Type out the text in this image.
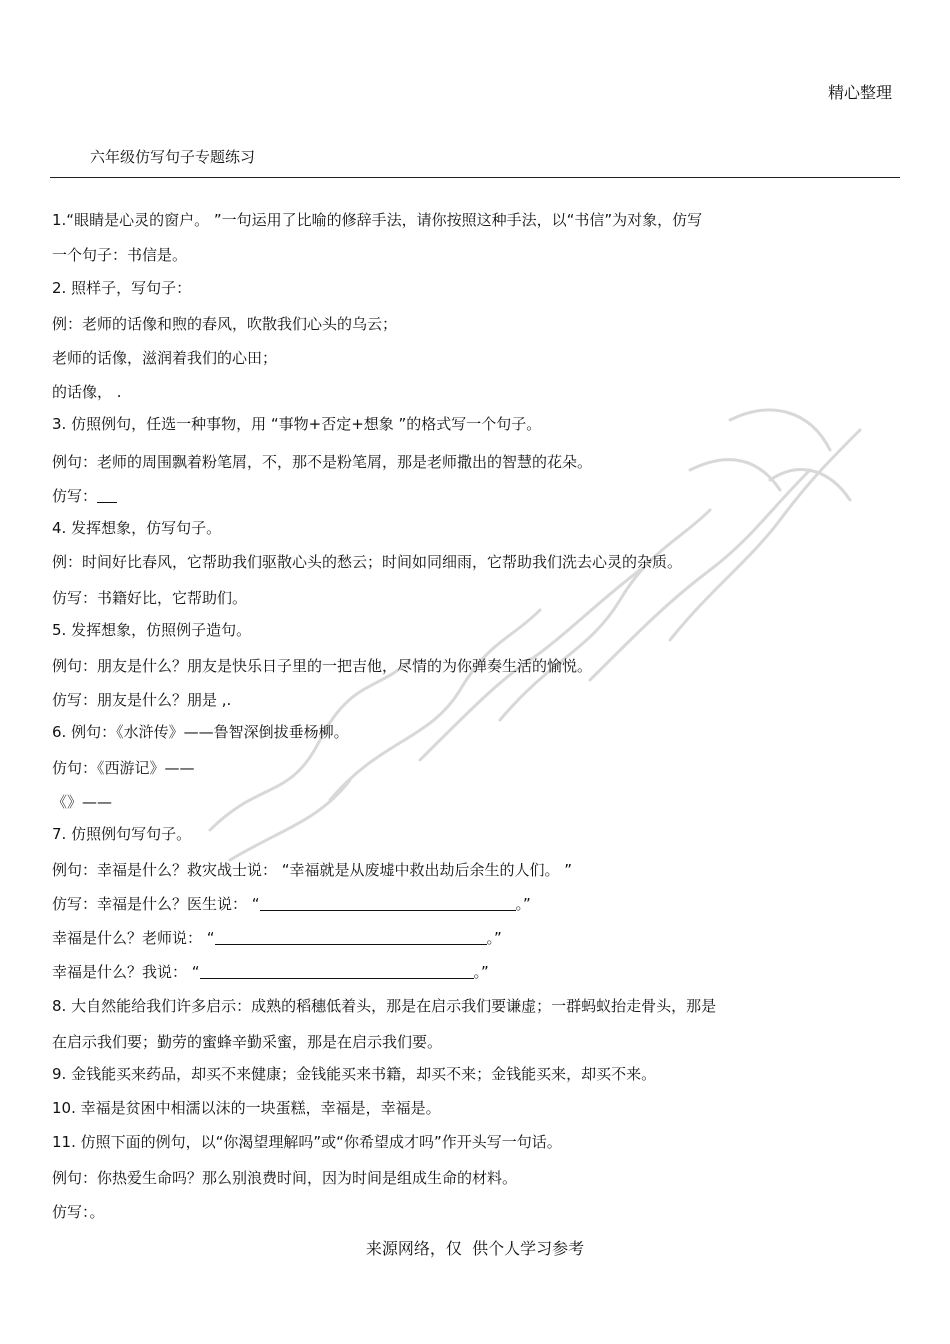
精心整理
六年级仿写句子专题练习
1.“眼睛是心灵的窗户。 ”一句运用了比喻的修辞手法，请你按照这种手法，以“书信”为对象，仿写
一个句子：书信是。
2. 照样子，写句子：
例：老师的话像和煦的春风，吹散我们心头的乌云；
老师的话像，滋润着我们的心田；
的话像， .
3. 仿照例句，任选一种事物，用 “事物+否定+想象 ”的格式写一个句子。
例句：老师的周围飘着粉笔屑，不，那不是粉笔屑，那是老师撒出的智慧的花朵。
仿写：
4. 发挥想象，仿写句子。
例：时间好比春风，它帮助我们驱散心头的愁云；时间如同细雨，它帮助我们洗去心灵的杂质。
仿写：书籍好比，它帮助们。
5. 发挥想象，仿照例子造句。
例句：朋友是什么？朋友是快乐日子里的一把吉他，尽情的为你弹奏生活的愉悦。
仿写：朋友是什么？朋是 ,.
6. 例句：《水浒传》——鲁智深倒拔垂杨柳。
仿句：《西游记》——
《》——
7. 仿照例句写句子。
例句：幸福是什么？救灾战士说： “幸福就是从废墟中救出劫后余生的人们。 ”
仿写：幸福是什么？医生说： “	。”
幸福是什么？老师说： “	。”
幸福是什么？我说： “	。”
8. 大自然能给我们许多启示：成熟的稻穗低着头，那是在启示我们要谦虚；一群蚂蚁抬走骨头，那是
在启示我们要；勤劳的蜜蜂辛勤采蜜，那是在启示我们要。
9. 金钱能买来药品，却买不来健康；金钱能买来书籍，却买不来；金钱能买来，却买不来。
10. 幸福是贫困中相濡以沫的一块蛋糕，幸福是，幸福是。
11. 仿照下面的例句，以“你渴望理解吗”或“你希望成才吗”作开头写一句话。
例句：你热爱生命吗？那么别浪费时间，因为时间是组成生命的材料。
仿写：。
来源网络，仅  供个人学习参考
